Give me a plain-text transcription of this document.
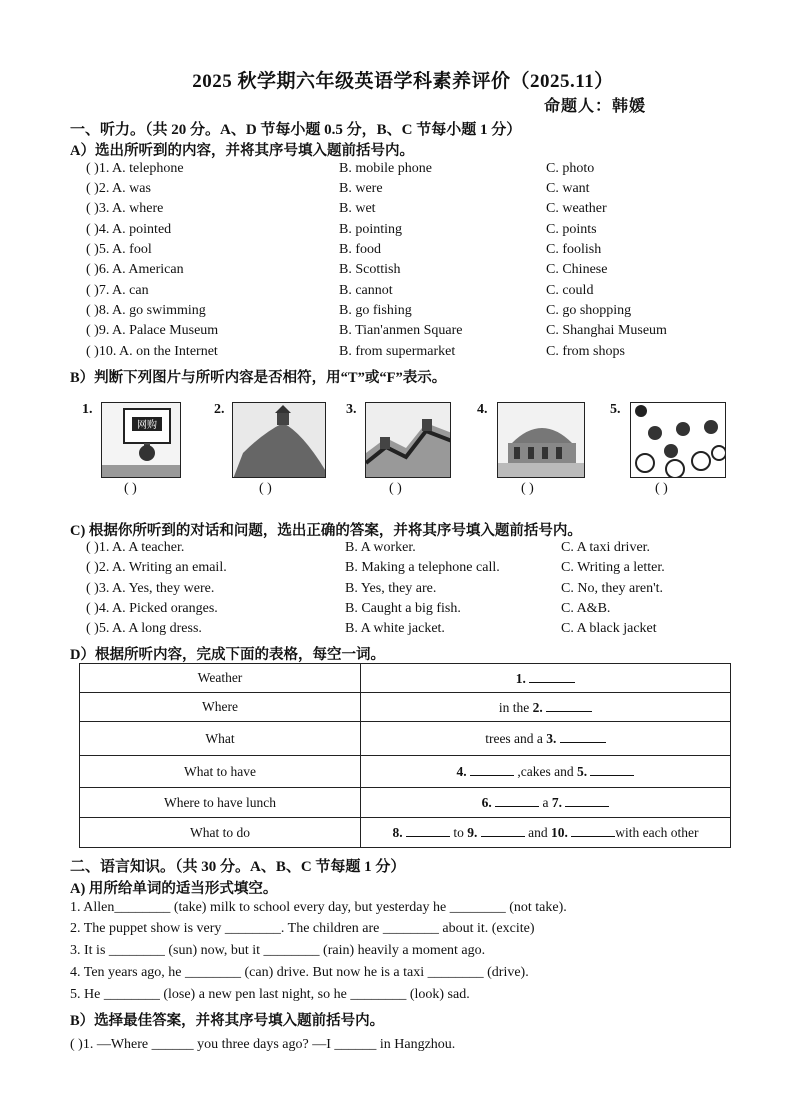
2025 秋学期六年级英语学科素养评价（2025.11）
命题人：韩媛
一、听力。（共 20 分。A、D 节每小题 0.5 分，B、C 节每小题 1 分）
A）选出所听到的内容，并将其序号填入题前括号内。
( )1. A. telephone	B. mobile phone	C. photo
( )2. A. was	B. were	C. want
( )3. A. where	B. wet	C. weather
( )4. A. pointed	B. pointing	C. points
( )5. A. fool	B. food	C. foolish
( )6. A. American	B. Scottish	C. Chinese
( )7. A. can	B. cannot	C. could
( )8. A. go swimming	B. go fishing	C. go shopping
( )9. A. Palace Museum	B. Tian'anmen Square	C. Shanghai Museum
( )10. A. on the Internet	B. from supermarket	C. from shops
B）判断下列图片与所听内容是否相符，用“T”或“F”表示。
1.
网购
( )
2.
( )
3.
( )
4.
( )
5.
( )
C) 根据你所听到的对话和问题，选出正确的答案，并将其序号填入题前括号内。
( )1. A. A teacher.	B. A worker.	C. A taxi driver.
( )2. A. Writing an email.	B. Making a telephone call.	C. Writing a letter.
( )3. A. Yes, they were.	B. Yes, they are.	C. No, they aren't.
( )4. A. Picked oranges.	B. Caught a big fish.	C. A&B.
( )5. A. A long dress.	B. A white jacket.	C. A black jacket
D）根据所听内容，完成下面的表格，每空一词。
Weather	1.
Where	in the 2.
What	trees and a 3.
What to have	4. ,cakes and 5.
Where to have lunch	6. a 7.
What to do	8. to 9. and 10. with each other
二、语言知识。（共 30 分。A、B、C 节每题 1 分）
A) 用所给单词的适当形式填空。
1. Allen________ (take) milk to school every day, but yesterday he ________ (not take).
2. The puppet show is very ________. The children are ________ about it. (excite)
3. It is ________ (sun) now, but it ________ (rain) heavily a moment ago.
4. Ten years ago, he ________ (can) drive. But now he is a taxi ________ (drive).
5. He ________ (lose) a new pen last night, so he ________ (look) sad.
B）选择最佳答案，并将其序号填入题前括号内。
( )1. —Where ______ you three days ago? —I ______ in Hangzhou.
